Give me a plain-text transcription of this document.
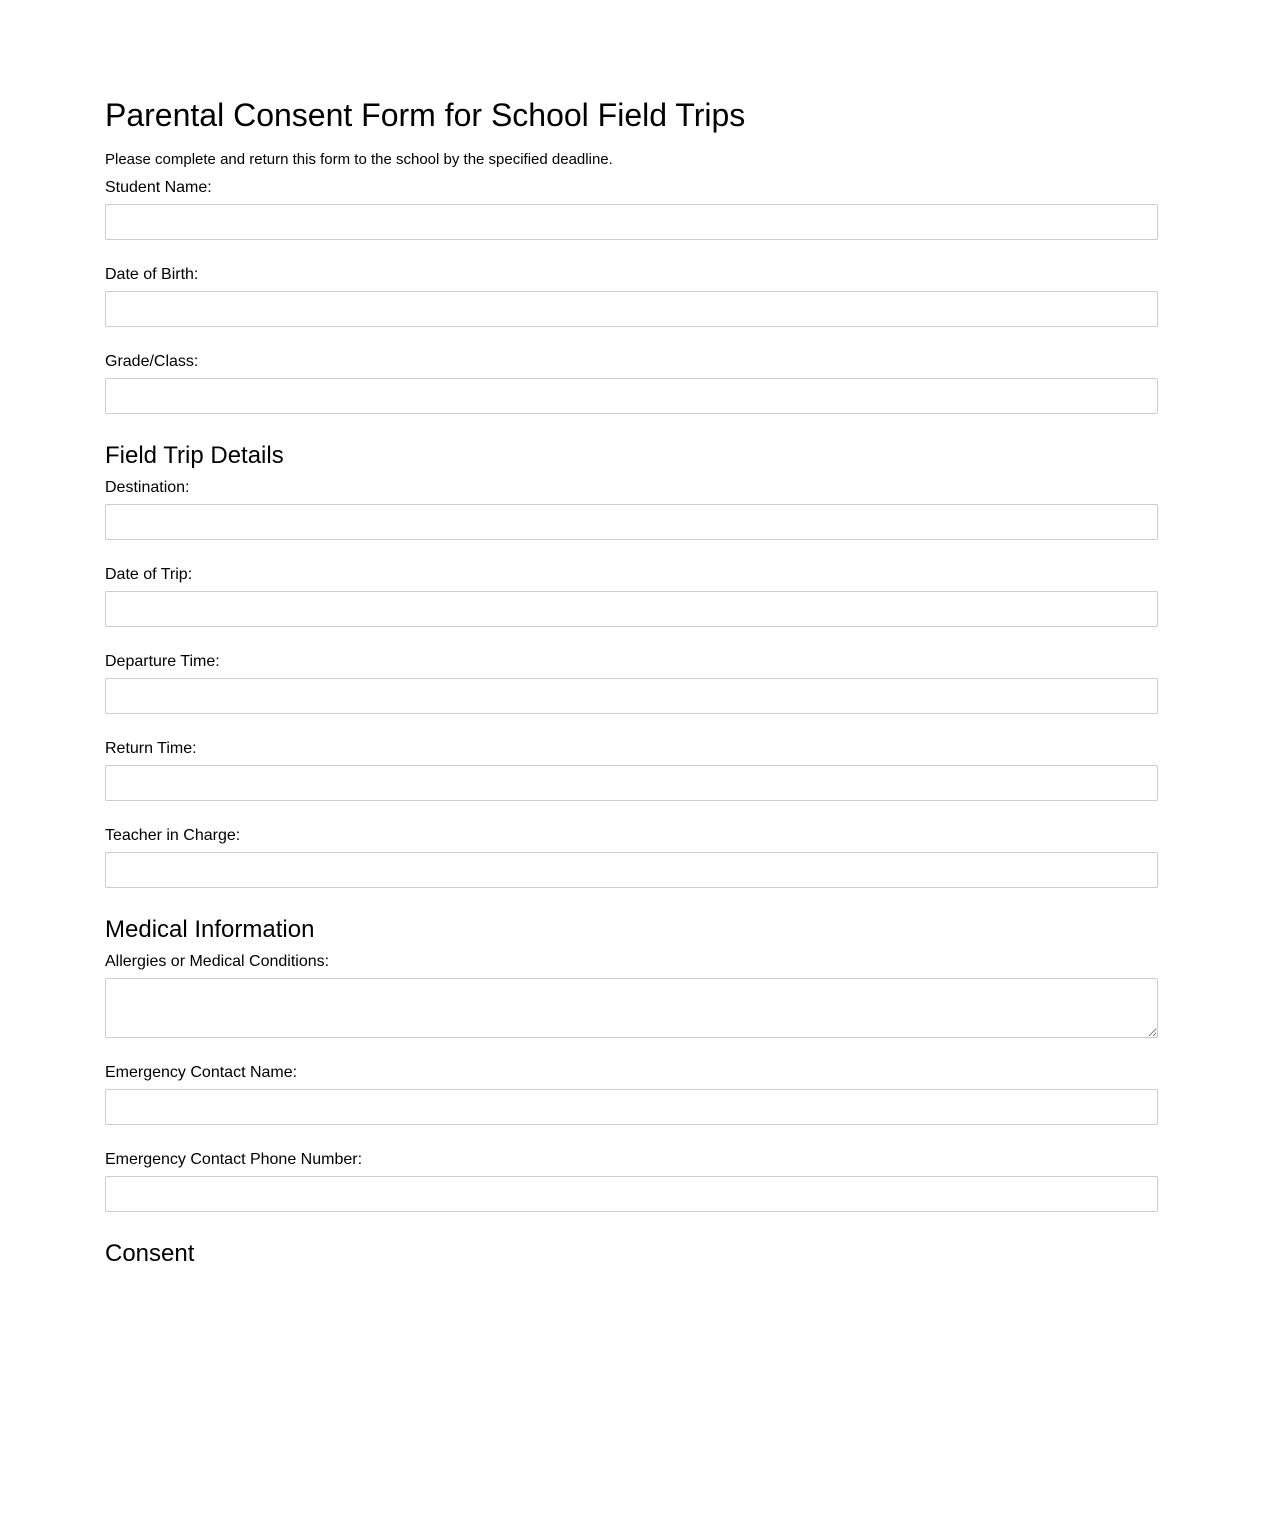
Parental Consent Form for School Field Trips

Please complete and return this form to the school by the specified deadline.

Student Name:
Date of Birth:
Grade/Class:
Field Trip Details
Destination:
Date of Trip:
Departure Time:
Return Time:
Teacher in Charge:
Medical Information
Allergies or Medical Conditions:
Emergency Contact Name:
Emergency Contact Phone Number:
Consent
